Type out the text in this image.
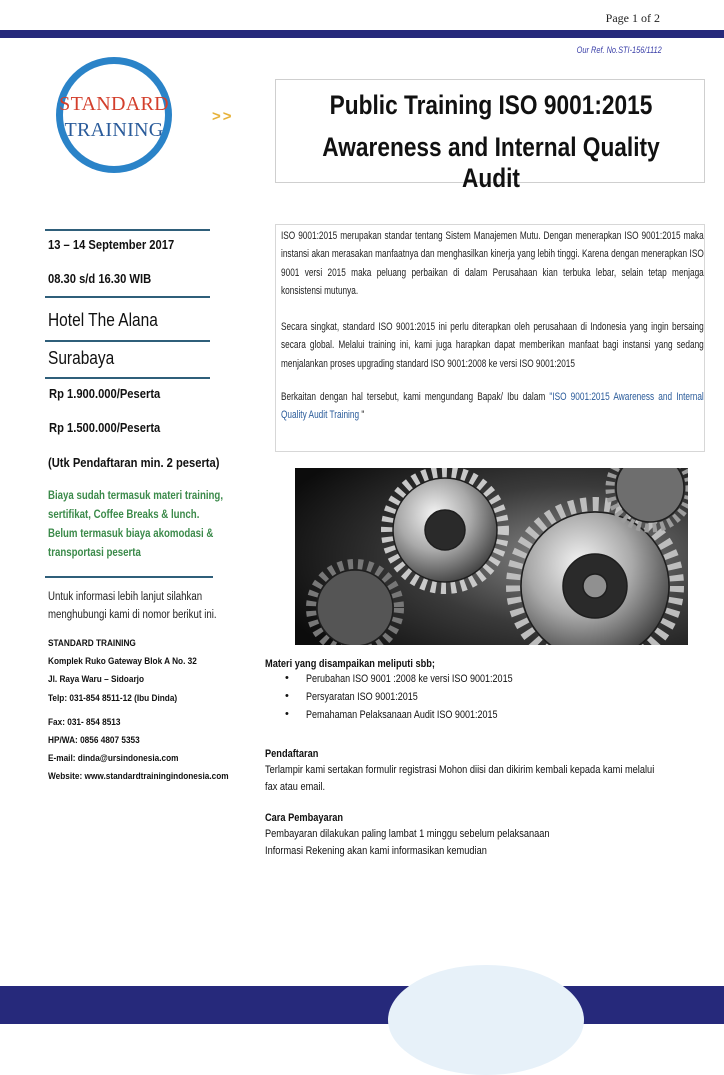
Page 1 of 2
Our Ref. No.STI-156/1112
STANDARD
TRAINING
>>	Public Training ISO 9001:2015
Awareness and Internal Quality Audit
13 – 14 September 2017
08.30 s/d 16.30 WIB
Hotel The Alana
Surabaya
Rp 1.900.000/Peserta
Rp 1.500.000/Peserta
(Utk Pendaftaran min. 2 peserta)
Biaya sudah termasuk materi training,
sertifikat, Coffee Breaks & lunch.
Belum termasuk biaya akomodasi &
transportasi peserta
Untuk informasi lebih lanjut silahkan
menghubungi kami di nomor berikut ini.
STANDARD TRAINING
Komplek Ruko Gateway Blok A No. 32
Jl. Raya Waru – Sidoarjo
Telp: 031-854 8511-12 (Ibu Dinda)
Fax: 031- 854 8513
HP/WA: 0856 4807 5353
E-mail: dinda@ursindonesia.com
Website: www.standardtrainingindonesia.com
ISO 9001:2015 merupakan standar tentang Sistem Manajemen Mutu. Dengan menerapkan ISO 9001:2015 maka instansi akan merasakan manfaatnya dan menghasilkan kinerja yang lebih tinggi. Karena dengan menerapkan ISO 9001 versi 2015 maka peluang perbaikan di dalam Perusahaan kian terbuka lebar, selain tetap menjaga konsistensi mutunya.
Secara singkat, standard ISO 9001:2015 ini perlu diterapkan oleh perusahaan di Indonesia yang ingin bersaing secara global. Melalui training ini, kami juga harapkan dapat memberikan manfaat bagi instansi yang sedang menjalankan proses upgrading standard ISO 9001:2008 ke versi ISO 9001:2015
Berkaitan dengan hal tersebut, kami mengundang Bapak/ Ibu dalam "ISO 9001:2015 Awareness and Internal Quality Audit Training "
Materi yang disampaikan meliputi sbb;
• Perubahan ISO 9001 :2008 ke versi ISO 9001:2015
• Persyaratan ISO 9001:2015
• Pemahaman Pelaksanaan Audit ISO 9001:2015
Pendaftaran
Terlampir kami sertakan formulir registrasi Mohon diisi dan dikirim kembali kepada kami melalui
fax atau email.
Cara Pembayaran
Pembayaran dilakukan paling lambat 1 minggu sebelum pelaksanaan
Informasi Rekening akan kami informasikan kemudian
